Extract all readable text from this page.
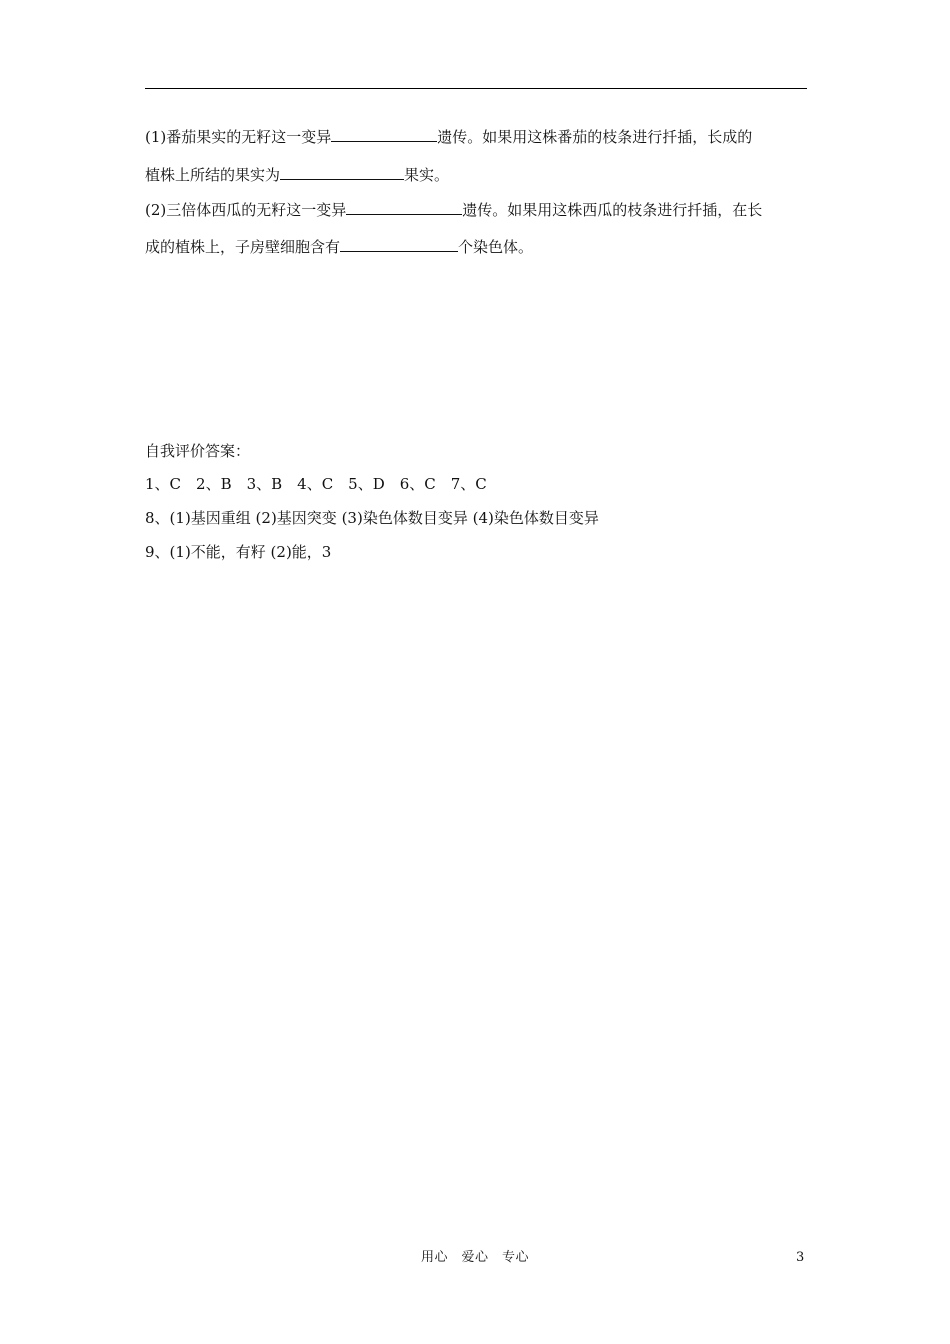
(1)番茄果实的无籽这一变异	遗传。如果用这株番茄的枝条进行扦插，长成的
植株上所结的果实为	果实。
(2)三倍体西瓜的无籽这一变异	遗传。如果用这株西瓜的枝条进行扦插，在长
成的植株上，子房壁细胞含有	个染色体。
自我评价答案：
1、C　2、B　3、B　4、C　5、D　6、C　7、C
8、(1)基因重组 (2)基因突变 (3)染色体数目变异 (4)染色体数目变异
9、(1)不能，有籽 (2)能，3
用心　爱心　专心	3
